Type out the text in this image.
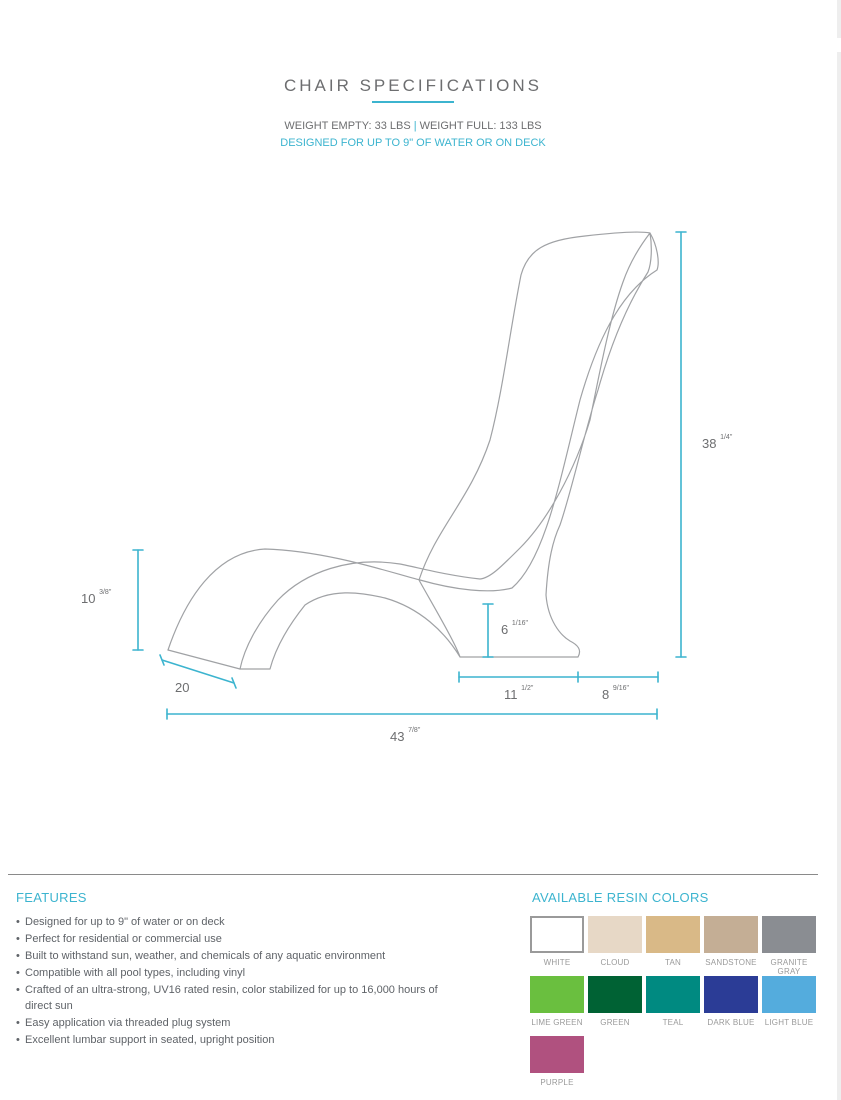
CHAIR SPECIFICATIONS
WEIGHT EMPTY: 33 LBS | WEIGHT FULL: 133 LBS
DESIGNED FOR UP TO 9" OF WATER OR ON DECK
38 $^{1/4"}$
10 $^{3/8"}$
6 $^{1/16"}$
11 $^{1/2"}$	8 $^{9/16"}$
20
43 $^{7/8"}$
FEATURES
• Designed for up to 9" of water or on deck
• Perfect for residential or commercial use
• Built to withstand sun, weather, and chemicals of any aquatic environment
• Compatible with all pool types, including vinyl
• Crafted of an ultra-strong, UV16 rated resin, color stabilized for up to 16,000 hours of direct sun
• Easy application via threaded plug system
• Excellent lumbar support in seated, upright position
AVAILABLE RESIN COLORS
WHITE	CLOUD	TAN	SANDSTONE	GRANITE GRAY
LIME GREEN	GREEN	TEAL	DARK BLUE	LIGHT BLUE
PURPLE
